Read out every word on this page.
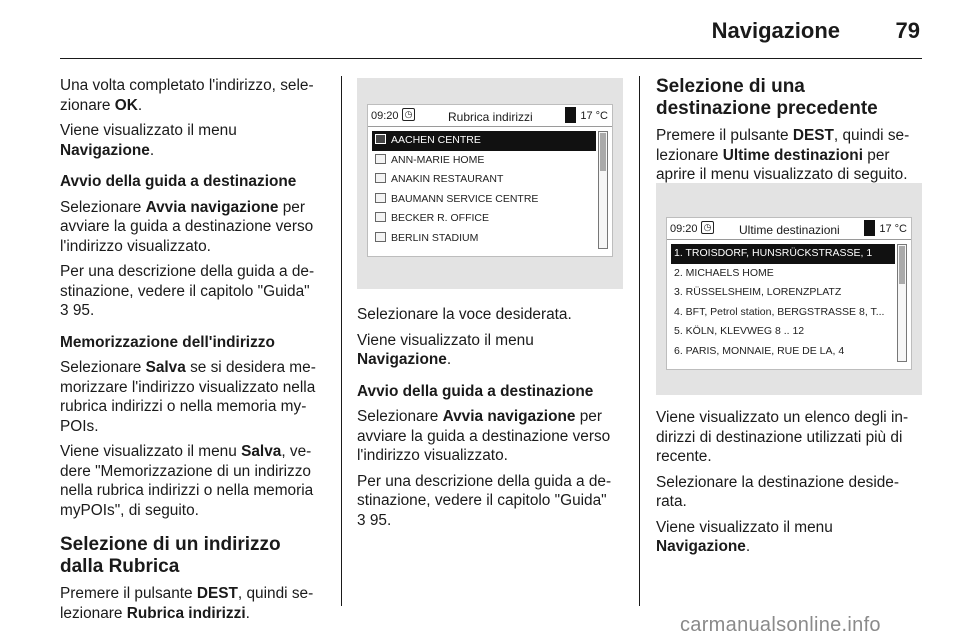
Navigazione	79

Una volta completato l'indirizzo, sele-zionare OK.

Viene visualizzato il menu
Navigazione.

Avvio della guida a destinazione

Selezionare Avvia navigazione per avviare la guida a destinazione verso l'indirizzo visualizzato.

Per una descrizione della guida a de-stinazione, vedere il capitolo "Guida"
3 95.

Memorizzazione dell'indirizzo

Selezionare Salva se si desidera me-morizzare l'indirizzo visualizzato nella rubrica indirizzi o nella memoria my-POIs.

Viene visualizzato il menu Salva, ve-dere "Memorizzazione di un indirizzo nella rubrica indirizzi o nella memoria myPOIs", di seguito.

Selezione di un indirizzo dalla Rubrica

Premere il pulsante DEST, quindi se-lezionare Rubrica indirizzi.

09:20 ◷	Rubrica indirizzi	17 °C
AACHEN CENTRE
ANN-MARIE HOME
ANAKIN RESTAURANT
BAUMANN SERVICE CENTRE
BECKER R. OFFICE
BERLIN STADIUM

Selezionare la voce desiderata.

Viene visualizzato il menu
Navigazione.

Avvio della guida a destinazione

Selezionare Avvia navigazione per avviare la guida a destinazione verso l'indirizzo visualizzato.

Per una descrizione della guida a de-stinazione, vedere il capitolo "Guida"
3 95.

Selezione di una destinazione precedente

Premere il pulsante DEST, quindi se-lezionare Ultime destinazioni per aprire il menu visualizzato di seguito.

09:20 ◷ Ultime destinazioni	17 °C
1. TROISDORF, HUNSRÜCKSTRASSE, 1
2. MICHAELS HOME
3. RÜSSELSHEIM, LORENZPLATZ
4. BFT, Petrol station, BERGSTRASSE 8, T...
5. KÖLN, KLEVWEG 8 .. 12
6. PARIS, MONNAIE, RUE DE LA, 4

Viene visualizzato un elenco degli in-dirizzi di destinazione utilizzati più di recente.

Selezionare la destinazione deside-rata.

Viene visualizzato il menu
Navigazione.

carmanualsonline.info
